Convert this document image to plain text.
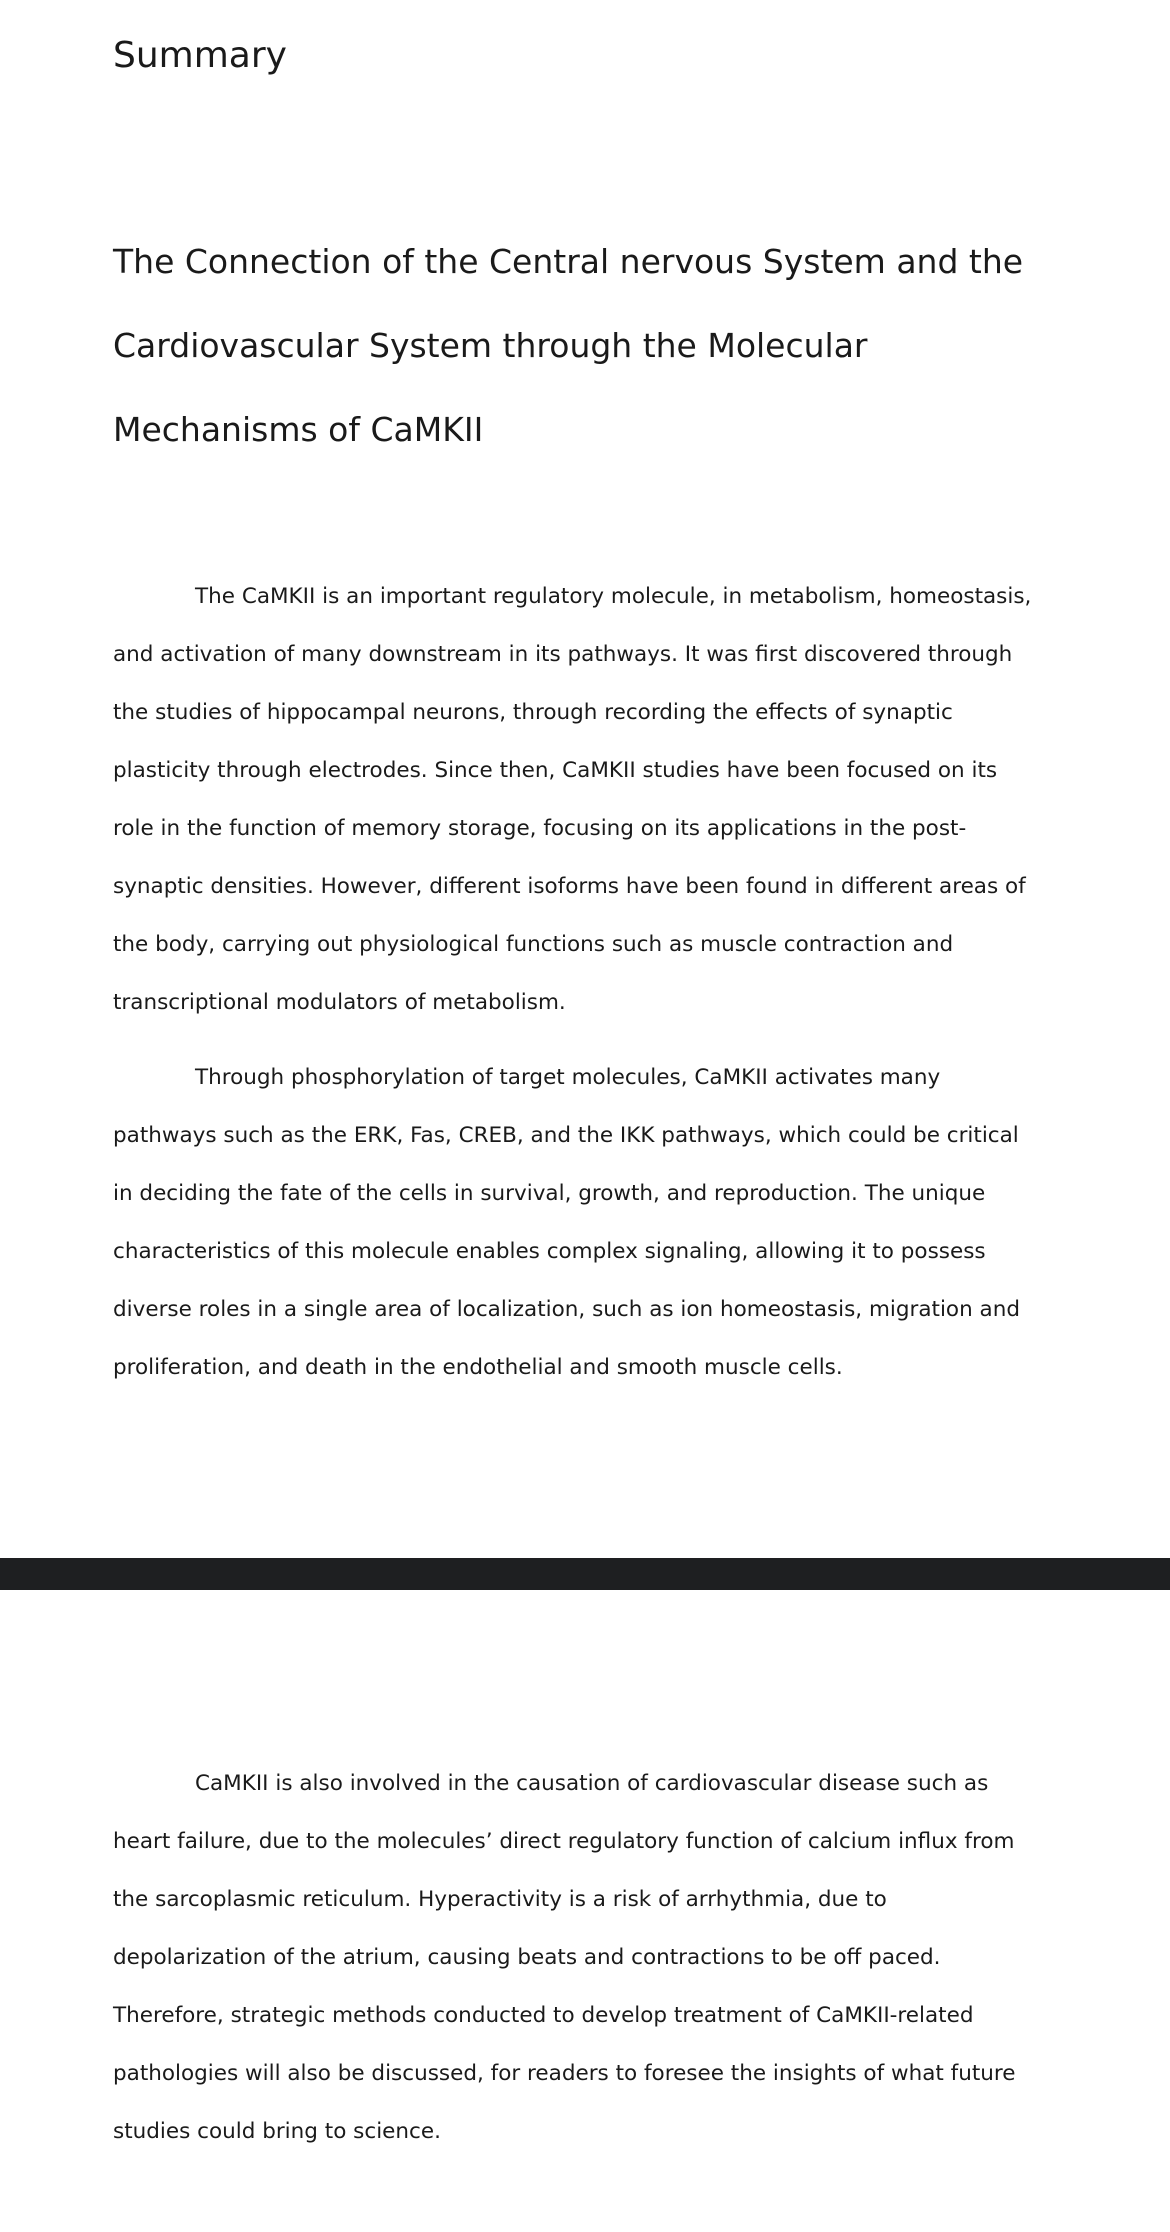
Summary
The Connection of the Central nervous System and the Cardiovascular System through the Molecular Mechanisms of CaMKII

The CaMKII is an important regulatory molecule, in metabolism, homeostasis, and activation of many downstream in its pathways. It was first discovered through the studies of hippocampal neurons, through recording the effects of synaptic plasticity through electrodes. Since then, CaMKII studies have been focused on its role in the function of memory storage, focusing on its applications in the post-synaptic densities. However, different isoforms have been found in different areas of the body, carrying out physiological functions such as muscle contraction and transcriptional modulators of metabolism.

Through phosphorylation of target molecules, CaMKII activates many pathways such as the ERK, Fas, CREB, and the IKK pathways, which could be critical in deciding the fate of the cells in survival, growth, and reproduction. The unique characteristics of this molecule enables complex signaling, allowing it to possess diverse roles in a single area of localization, such as ion homeostasis, migration and proliferation, and death in the endothelial and smooth muscle cells.

CaMKII is also involved in the causation of cardiovascular disease such as heart failure, due to the molecules’ direct regulatory function of calcium influx from the sarcoplasmic reticulum. Hyperactivity is a risk of arrhythmia, due to depolarization of the atrium, causing beats and contractions to be off paced. Therefore, strategic methods conducted to develop treatment of CaMKII-related pathologies will also be discussed, for readers to foresee the insights of what future studies could bring to science.
